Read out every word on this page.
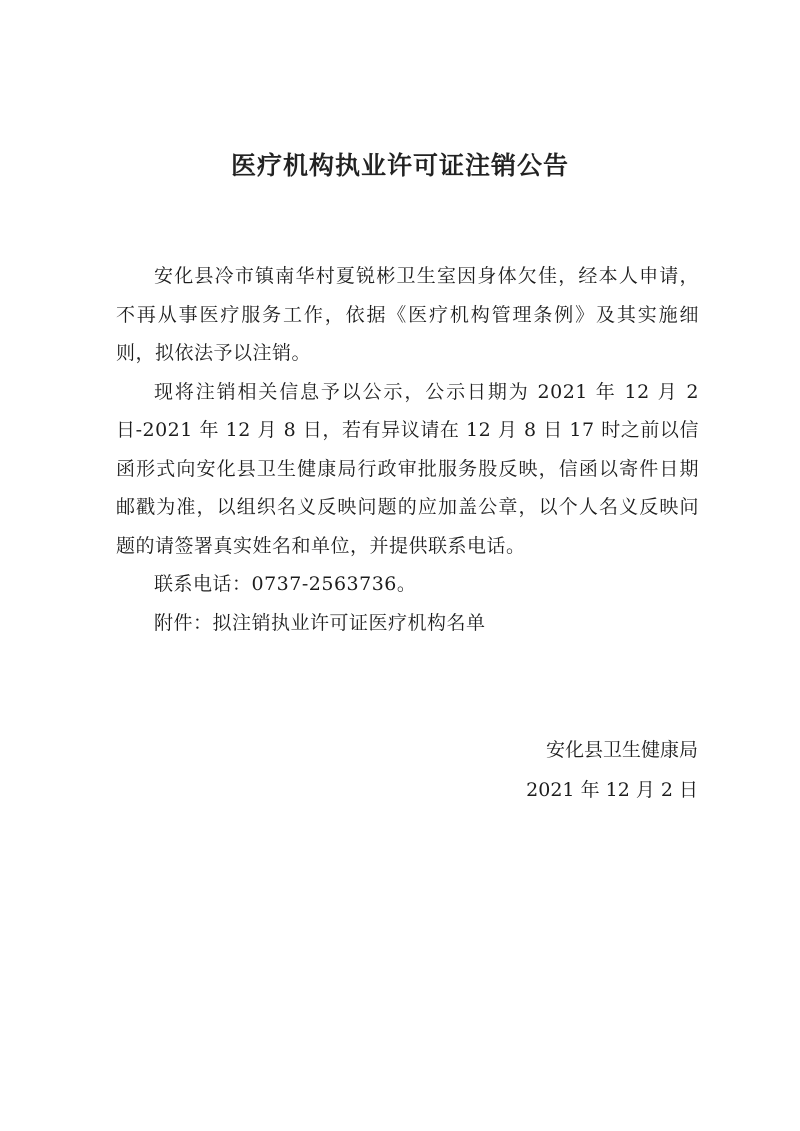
医疗机构执业许可证注销公告

安化县冷市镇南华村夏锐彬卫生室因身体欠佳，经本人申请，不再从事医疗服务工作，依据《医疗机构管理条例》及其实施细则，拟依法予以注销。

现将注销相关信息予以公示，公示日期为 2021 年 12 月 2 日-2021 年 12 月 8 日，若有异议请在 12 月 8 日 17 时之前以信函形式向安化县卫生健康局行政审批服务股反映，信函以寄件日期邮戳为准，以组织名义反映问题的应加盖公章，以个人名义反映问题的请签署真实姓名和单位，并提供联系电话。

联系电话：0737-2563736。

附件：拟注销执业许可证医疗机构名单

安化县卫生健康局
2021 年 12 月 2 日
